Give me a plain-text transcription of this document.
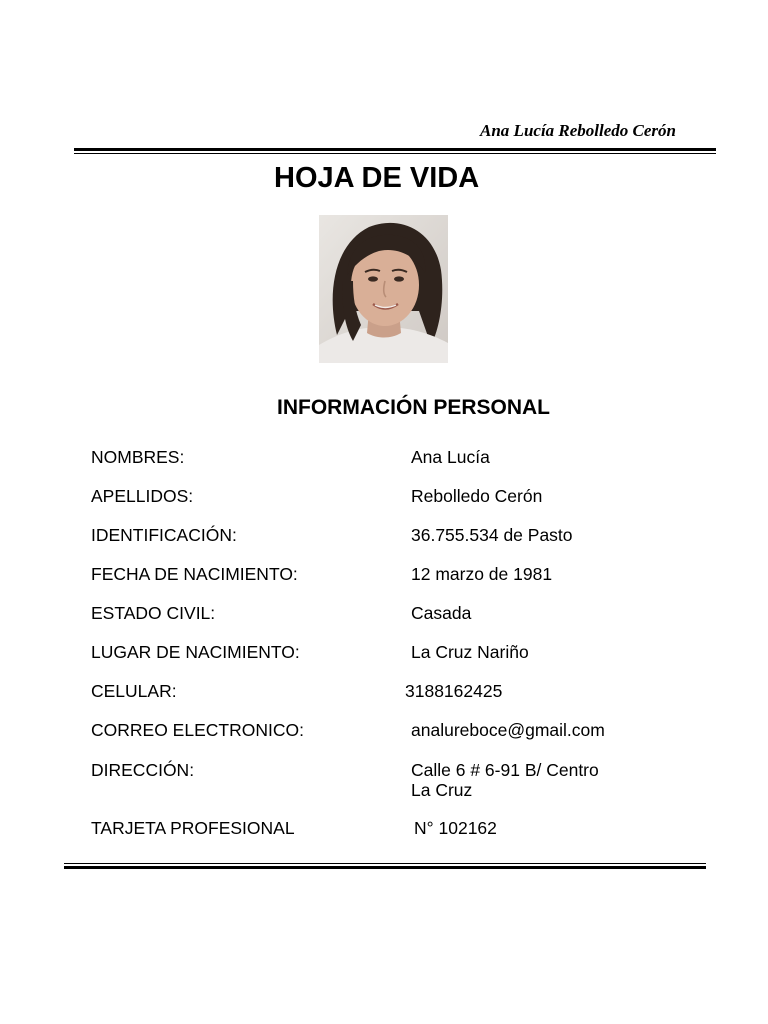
Ana Lucía Rebolledo Cerón
HOJA DE VIDA
INFORMACIÓN PERSONAL
NOMBRES:	Ana Lucía
APELLIDOS:	Rebolledo Cerón
IDENTIFICACIÓN:	36.755.534 de Pasto
FECHA DE NACIMIENTO:	12 marzo de 1981
ESTADO CIVIL:	Casada
LUGAR DE NACIMIENTO:	La Cruz Nariño
CELULAR:	3188162425
CORREO ELECTRONICO:	analureboce@gmail.com
DIRECCIÓN:	Calle 6 # 6-91 B/ Centro
La Cruz
TARJETA PROFESIONAL	N° 102162
